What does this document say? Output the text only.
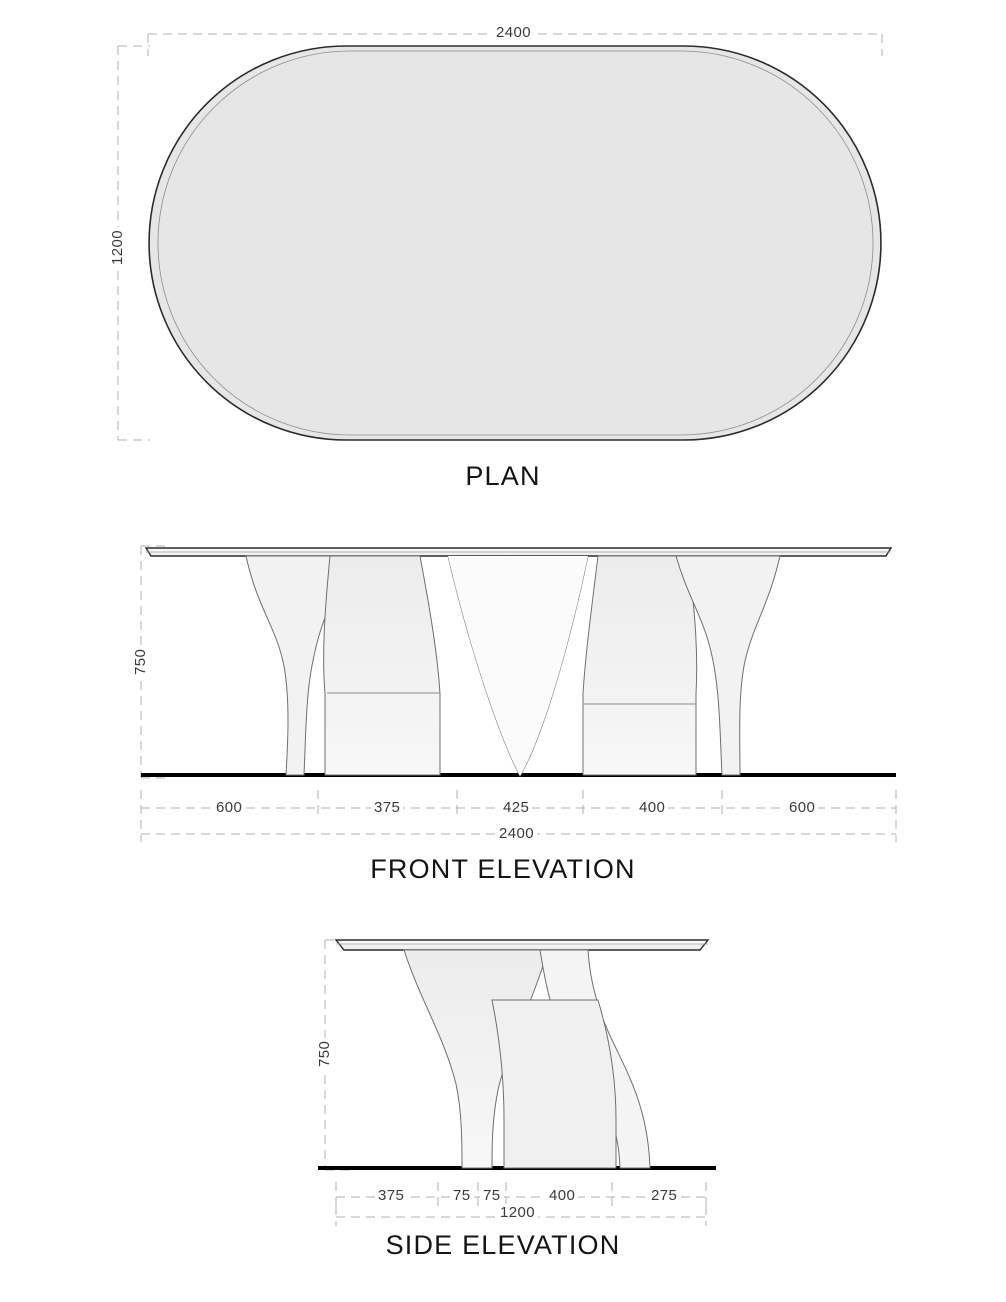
2400
1200
PLAN
750
600	375	425	400	600
2400
FRONT ELEVATION
750
375	75 75	400	275
1200
SIDE ELEVATION
